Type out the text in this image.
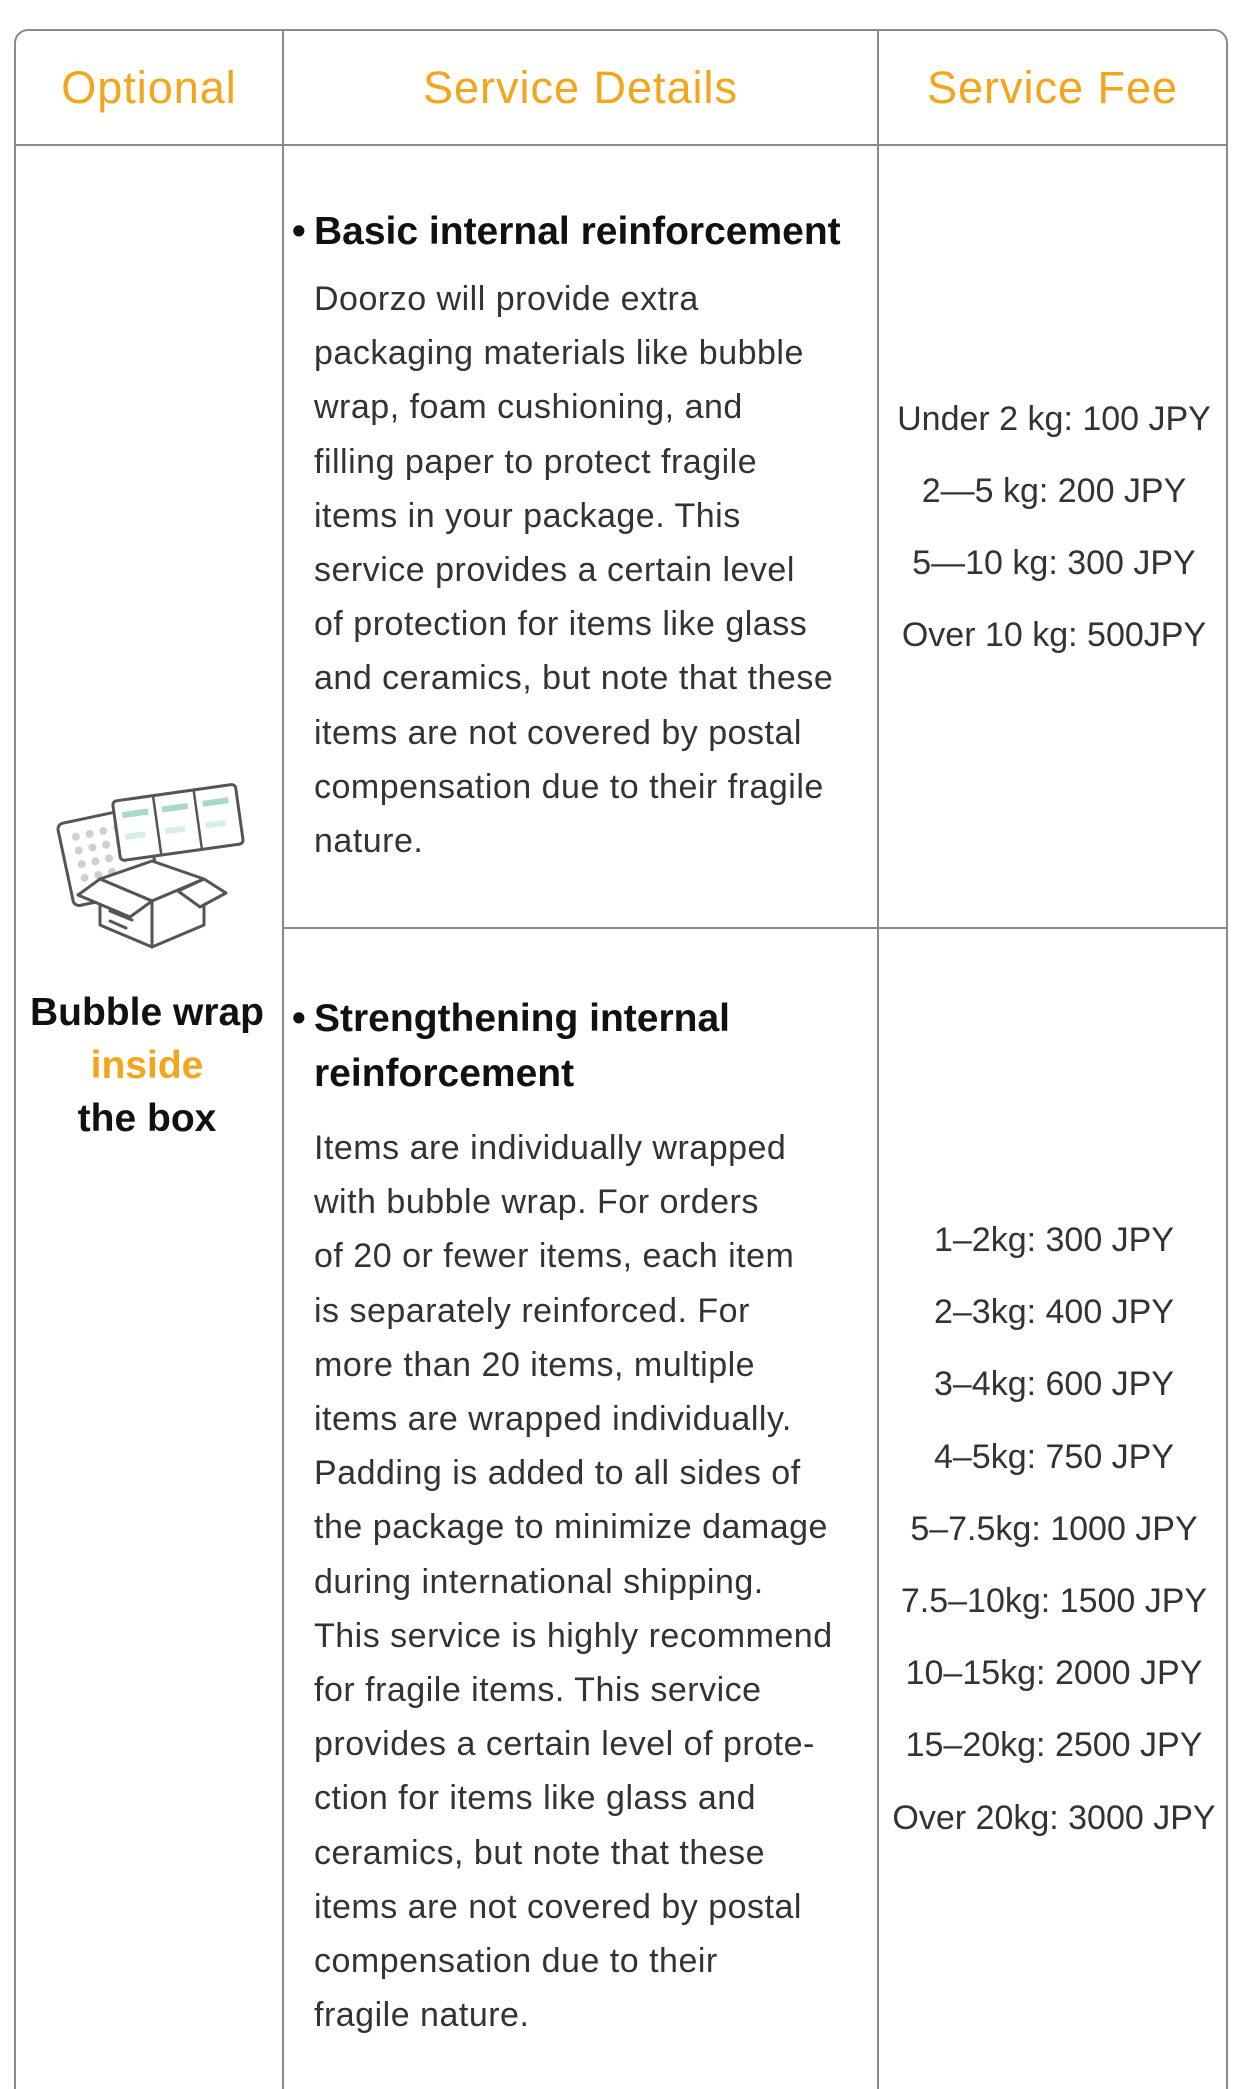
Optional	Service Details	Service Fee
Bubble wrap
inside
the box
• Basic internal reinforcement
Doorzo will provide extra
packaging materials like bubble
wrap, foam cushioning, and
filling paper to protect fragile
items in your package. This
service provides a certain level
of protection for items like glass
and ceramics, but note that these
items are not covered by postal
compensation due to their fragile
nature.
Under 2 kg: 100 JPY
2—5 kg: 200 JPY
5—10 kg: 300 JPY
Over 10 kg: 500JPY
• Strengthening internal
reinforcement
Items are individually wrapped
with bubble wrap. For orders
of 20 or fewer items, each item
is separately reinforced. For
more than 20 items, multiple
items are wrapped individually.
Padding is added to all sides of
the package to minimize damage
during international shipping.
This service is highly recommend
for fragile items. This service
provides a certain level of prote-
ction for items like glass and
ceramics, but note that these
items are not covered by postal
compensation due to their
fragile nature.
1–2kg: 300 JPY
2–3kg: 400 JPY
3–4kg: 600 JPY
4–5kg: 750 JPY
5–7.5kg: 1000 JPY
7.5–10kg: 1500 JPY
10–15kg: 2000 JPY
15–20kg: 2500 JPY
Over 20kg: 3000 JPY
